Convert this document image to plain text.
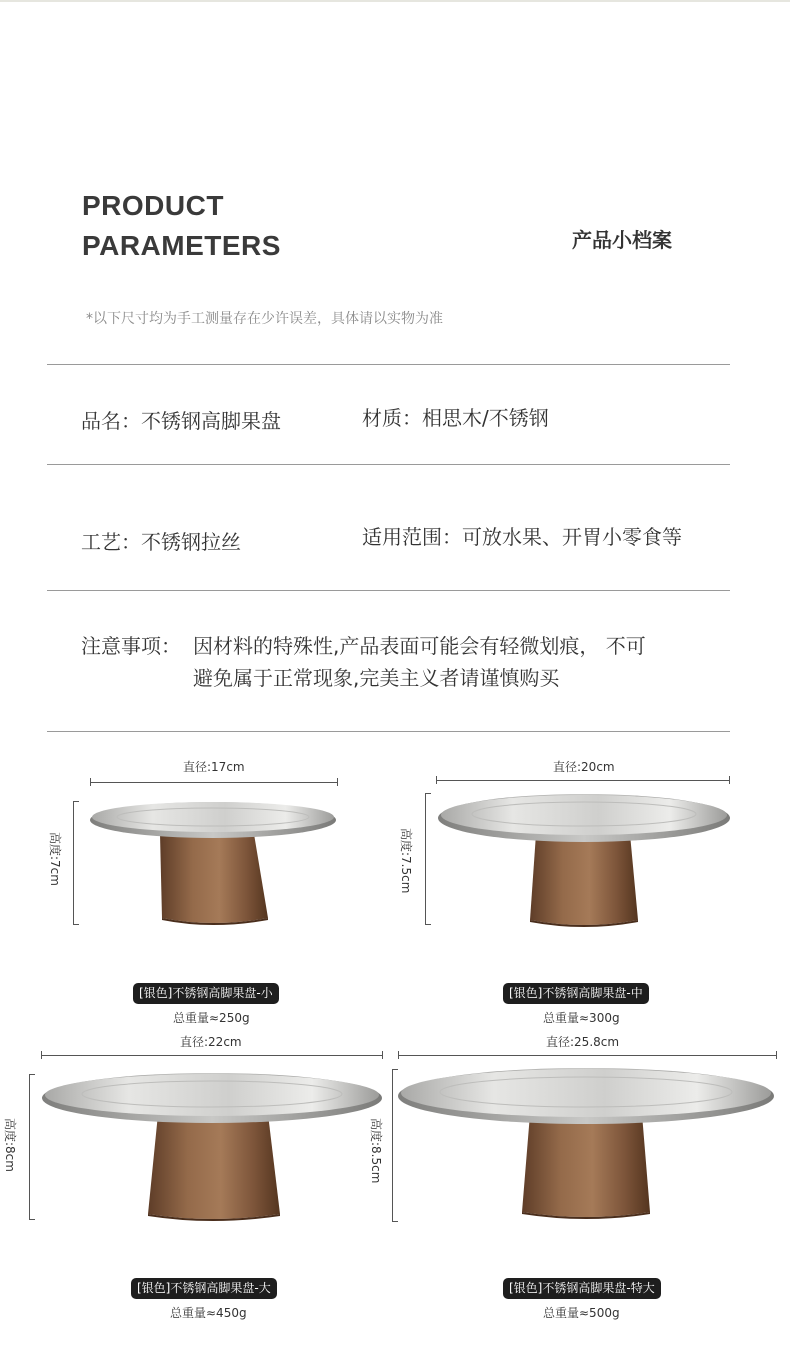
PRODUCT
PARAMETERS	产品小档案
*以下尺寸均为手工测量存在少许误差，具体请以实物为准
品名：不锈钢高脚果盘	材质：相思木/不锈钢
工艺：不锈钢拉丝	适用范围：可放水果、开胃小零食等
注意事项： 因材料的特殊性,产品表面可能会有轻微划痕， 不可
避免属于正常现象,完美主义者请谨慎购买
直径:17cm
高度:7cm
[银色]不锈钢高脚果盘-小
总重量≈250g
直径:20cm
高度:7.5cm
[银色]不锈钢高脚果盘-中
总重量≈300g
直径:22cm
高度:8cm
[银色]不锈钢高脚果盘-大
总重量≈450g
直径:25.8cm
高度:8.5cm
[银色]不锈钢高脚果盘-特大
总重量≈500g
